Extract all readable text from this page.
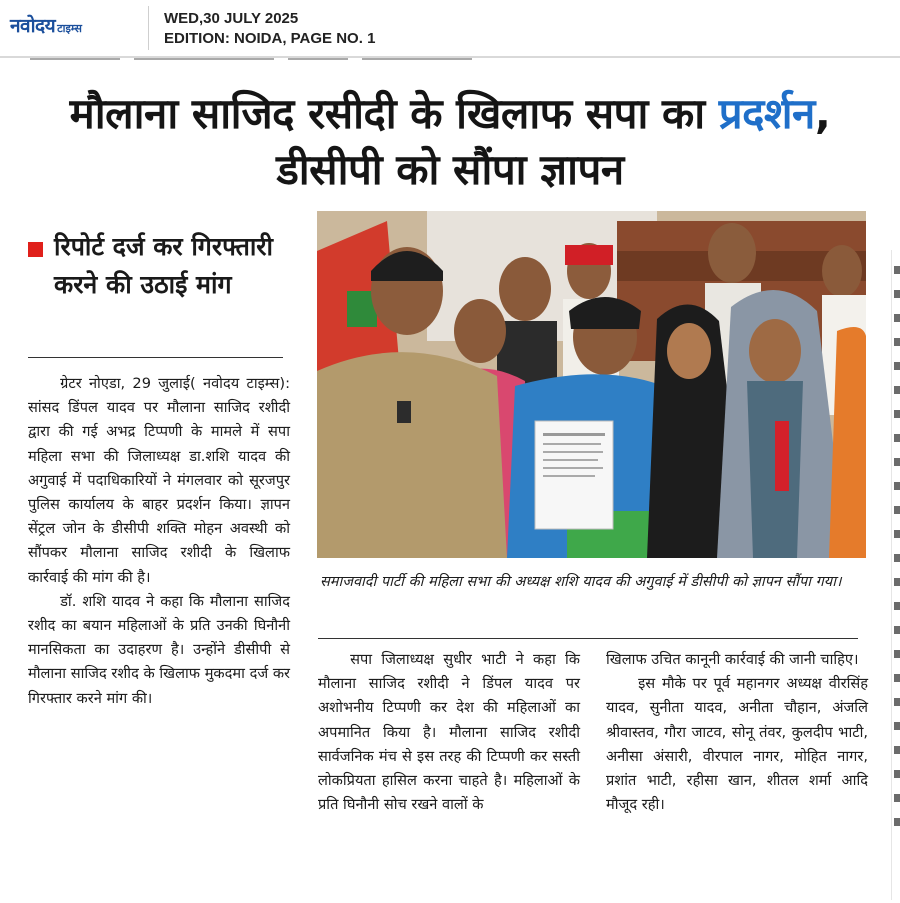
नवोदय टाइम्स
WED,30 JULY 2025
EDITION: NOIDA, PAGE NO. 1
मौलाना साजिद रसीदी के खिलाफ सपा का प्रदर्शन, डीसीपी को सौंपा ज्ञापन
रिपोर्ट दर्ज कर गिरफ्तारी करने की उठाई मांग

ग्रेटर नोएडा, 29 जुलाई( नवोदय टाइम्स): सांसद डिंपल यादव पर मौलाना साजिद रशीदी द्वारा की गई अभद्र टिप्पणी के मामले में सपा महिला सभा की जिलाध्यक्ष डा.शशि यादव की अगुवाई में पदाधिकारियों ने मंगलवार को सूरजपुर पुलिस कार्यालय के बाहर प्रदर्शन किया। ज्ञापन सेंट्रल जोन के डीसीपी शक्ति मोहन अवस्थी को सौंपकर मौलाना साजिद रशीदी के खिलाफ कार्रवाई की मांग की है।

डॉ. शशि यादव ने कहा कि मौलाना साजिद रशीद का बयान महिलाओं के प्रति उनकी घिनौनी मानसिकता का उदाहरण है। उन्होंने डीसीपी से मौलाना साजिद रशीद के खिलाफ मुकदमा दर्ज कर गिरफ्तार करने मांग की।

समाजवादी पार्टी की महिला सभा की अध्यक्ष शशि यादव की अगुवाई में डीसीपी को ज्ञापन सौंपा गया।

सपा जिलाध्यक्ष सुधीर भाटी ने कहा कि मौलाना साजिद रशीदी ने डिंपल यादव पर अशोभनीय टिप्पणी कर देश की महिलाओं का अपमानित किया है। मौलाना साजिद रशीदी सार्वजनिक मंच से इस तरह की टिप्पणी कर सस्ती लोकप्रियता हासिल करना चाहते है। महिलाओं के प्रति घिनौनी सोच रखने वालों के

खिलाफ उचित कानूनी कार्रवाई की जानी चाहिए।

इस मौके पर पूर्व महानगर अध्यक्ष वीरसिंह यादव, सुनीता यादव, अनीता चौहान, अंजलि श्रीवास्तव, गौरा जाटव, सोनू तंवर, कुलदीप भाटी, अनीसा अंसारी, वीरपाल नागर, मोहित नागर, प्रशांत भाटी, रहीसा खान, शीतल शर्मा आदि मौजूद रही।
